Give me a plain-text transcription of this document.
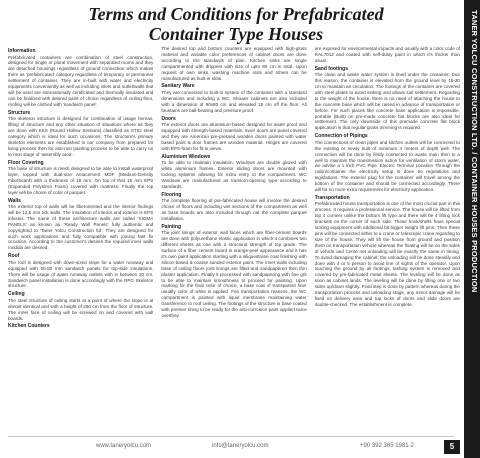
Terms and Conditions for Prefabricated
Container Type Houses
Information
Prefabricated containers are combination of steel construction, designed for single or plural movement with separated rooms and they are detached housings regardless of ground connection which makes them as 'prefabricated' category regardless of temporary or permanent settlement of container. They are in-built with water and electricity equipments conveniently as well as including inlets and outlet/walls that will be used are internationally certificated and thermally insulated and can be finalized with desired paint of choice regardless of ceiling floor, roofing will be clothed with 'sandwich panel'.
Structure
The skeleton structure is designed for combination of usage hereas, lifting of structure and any other situation of situations where as they are done with KKS (Round Hollow Sections) classified as ST52 steel category which is ideal for such occasions. The structure's primary skeleton elements are established in our company from prepared for living process then for anti-rust painting process to be able to carry on to next stage of 'assembly area'.
Floor Covering
The base of structure is mesh designed to be able to install waterproof layer, topped with dual-size Antacement MDF (Medium-Density Fiberboard) with a thickness of 18 mm. On top of that 15 mm EPS (Expanded Polystron Foam) covered with mattress. Finally the top layer will be choice of color of parquet.
Walls
The exterior top of walls will be fiberoriented and the interior findings will be 12,5 mm tick walls. The insulation of interior and exterior is EPS infused. The name of these architecture walls are called 'SIGMA PANELS' as known as 'Ready Wall Panels' fully authentic and copyrighted to 'Taner Yolcu Construction ltd'. They are designed for such work applications and fully compatible with joining fast fix occasion. According to the customer's desires the required inner walls modula are desired.
Roof
The roof is designed with down-sized slope for a water runaway and equipped with 60-50 mm sandwich panels for top-side insulations. There will be usage of water runaway outlets with in between 20 cm. Sandwich panel installation is done accordingly with the RPG Skeleton structure.
Ceiling
The steel structure of ceiling starts at a point of where the slope is at almost identical and with a height of 250 cm from the floor of structure. The inner face of ceiling will be screwed on and covered with wall boards.
Kitchen Counters
The desired top and bottom counters are equipped with high-gloss material and variable color preferences of cabinet doors are done according to the standards of plan. Kitchen sinks are single compartmented with drippers with size of upto 80 cm in total. Upon request of own sinks, washing machine slots and others can be manufactured as built-in slots.
Sanitary Ware
They are connected to built-in system of the container with a standard dimensions and including a WC. Shower cabinets are also included with a dimension of 90x80 cm and elevated 15 cm off the floor. All fountains are ball-bearing and pressure proof.
Doors
The exterior doors are aluminium-based designed for water proof and equipped with strength-based materials. Inner doors are panel covered and they are American pre-pressed wooden doors painted with water based paint & door frames are wooden material. Hinges are covered with EPS-foam for fit-in views.
Aluminium Windows
To be able to maintain insulation, Windows are double glazed with white aluminium frames. Exterior sliding doors are mounted with locking systems allowing for extra entry to the compartment. WC Windows are manufactured as transom-opening type according to standards.
Flooring
The complete flooring of pre-fabricated house will involve the desired choice of floors and including wet sections of the compartment as well as base boards are also included through out the complete parquet installation.
Painting
The joint linings of exterior wall faces which are fiber-cement boards are done with polyurethane elastic application in which it combines two different sheets as one with a structural strength of top grade. The surface of a fiber cement board is orange-peel appearance and it has it's own paint application starting with a siliquestrane coat finishing with silicon-based & coarse sanded exterior paint. The inner walls including base of ceiling floors joint linings are filled and sandpapered then thin plaster application. Finally it processed with sandpapering with fine grit to be able to maintain smoothness to proceed for painting. Upon marking for the final color of choice, a base coat of transparent finer usually color of white is applied. Fan transportation reasons, the WC compartment is painted with liquid membrane maintaining water transference to roof ceiling. The footings of the structure is base coated with premier lining to be ready for the anti-corrosion paint applied twice overthey
are exposed for environmental impacts and usually with a color code of RAL7012 and coated with self-dusty paint in which it's thicker than usual.
Sand footings
The clean and waste water system is lined under the container. Due this reason, the container is elevated from the ground level by 15-30 cm to maintain air circulation. The footings of the container are covered with steel plates to avoid sinking and allows soil settlement. Regarding to the weight of the house, there is no need of attaching the house to the concrete base which will be raised in advance of transportation or before. For such places like concrete base application is impossible, portable (Built) on pre-made concrete flat blocks are also ideal for settlement. The only downside of this premade concrete flat block application is that regular grass trimming is required.
Connection of Pipings
The connections of clean pipes and kitchen outlets will be connected to the existing or newly built of minimum 4 meters of depth well. The connection will be done by firstly connected to waste main then to a well to maintain the transmission action for ventilation of storm water, we advise a 1 inch PVC Pipe. Electric Terminal Location Through the cabin/container the electricity setup is done be regulations and legislations. The exterior plug for the container will travel among the bottom of the container and should be connected accordingly. There will be no more extra requirement for electricity application.
Transportation
Prefabricated house transportation is one of the most crucial part in this process. It requires a professional service. The house will be lifted from top 4 corners unlike the bottom lift type and there will be 4 lifting lock brackets on the corner of each side. These hook/shells have special locking equipment with additional bit bigger weight lift pins. Then these pins will be connected either to a crane or telescopic crane regarding to size of the house. They will lift the house from ground and position them on transportation vehicle whereas the floating will be on the sides of vehicle and Cente net unloading will be exactly the same in timing. To avoid damaging the cabinet, the unloading will be done steadily and done with 4 or 5 person to avoid line of sights of the operator. Upon touching the ground by all footings, lashing system is removed and covered by pre-fabricated metal sheets. The leveling will be done as soon as cabinet lands. The leveling will be done by lifting one or two sides up/down slightly. Final step is done by pattern whereas during the transportation process and unloading stage, any minor damage will be fixed on delivery area and top locks of doors and slide doors are double-checked. The establishment is complete.
TANER YOLCU CONSTRUCTION LTD. / CONTAINER HOUSES PRODUCTION
www.taneryolcu.com	info@taneryolcu.com	+90 392 365 1981-2	5
